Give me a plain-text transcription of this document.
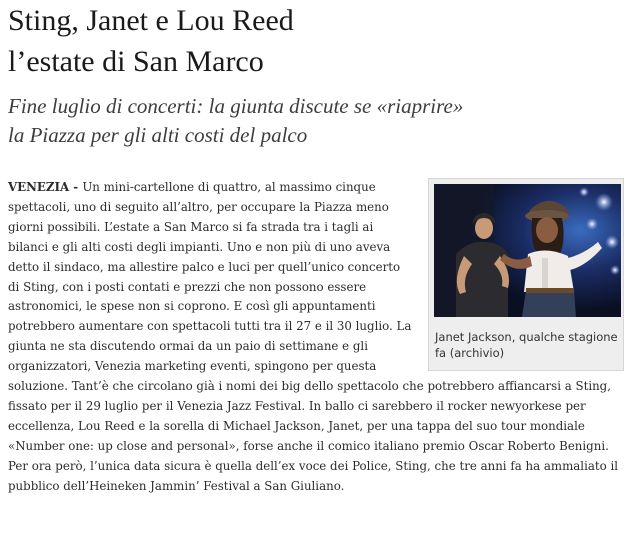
Sting, Janet e Lou Reed
l’estate di San Marco
Fine luglio di concerti: la giunta discute se «riaprire»
la Piazza per gli alti costi del palco
Janet Jackson, qualche stagione fa (archivio)
VENEZIA - Un mini-cartellone di quattro, al massimo cinque spettacoli, uno di seguito all’altro, per occupare la Piazza meno giorni possibili. L’estate a San Marco si fa strada tra i tagli ai bilanci e gli alti costi degli impianti. Uno e non più di uno aveva detto il sindaco, ma allestire palco e luci per quell’unico concerto di Sting, con i posti contati e prezzi che non possono essere astronomici, le spese non si coprono. E così gli appuntamenti potrebbero aumentare con spettacoli tutti tra il 27 e il 30 luglio. La giunta ne sta discutendo ormai da un paio di settimane e gli organizzatori, Venezia marketing eventi, spingono per questa soluzione. Tant’è che circolano già i nomi dei big dello spettacolo che potrebbero affiancarsi a Sting, fissato per il 29 luglio per il Venezia Jazz Festival. In ballo ci sarebbero il rocker newyorkese per eccellenza, Lou Reed e la sorella di Michael Jackson, Janet, per una tappa del suo tour mondiale «Number one: up close and personal», forse anche il comico italiano premio Oscar Roberto Benigni. Per ora però, l’unica data sicura è quella dell’ex voce dei Police, Sting, che tre anni fa ha ammaliato il pubblico dell’Heineken Jammin’ Festival a San Giuliano.
